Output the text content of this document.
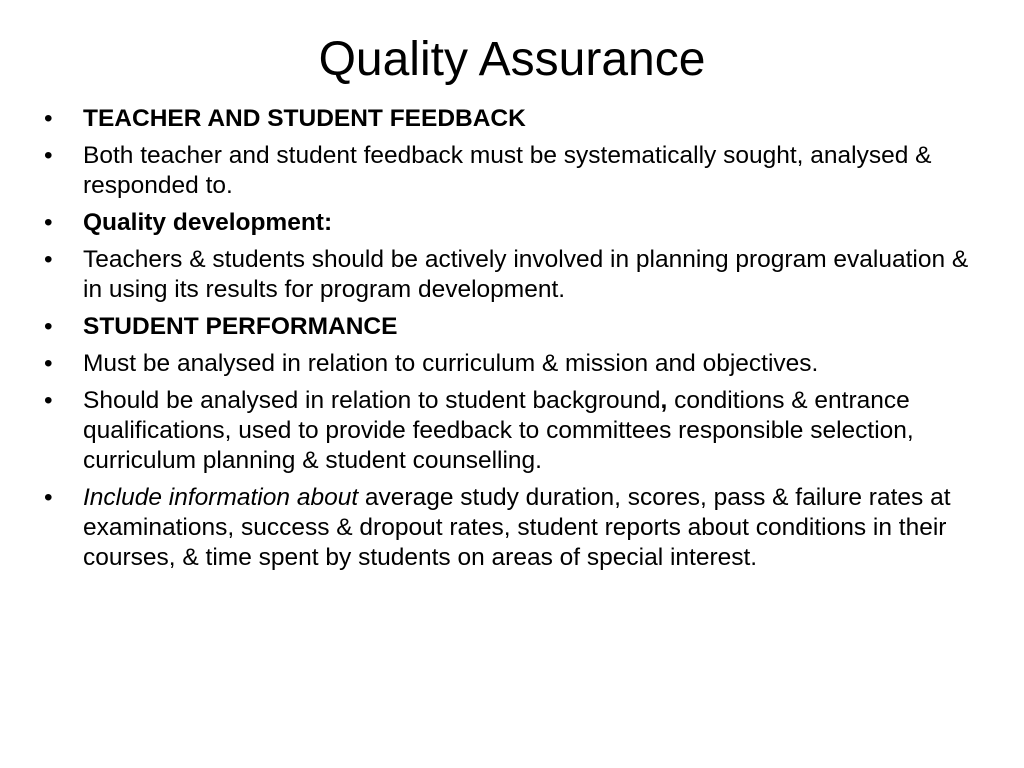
Quality Assurance
•	TEACHER AND STUDENT FEEDBACK
•	Both teacher and student feedback must be systematically sought, analysed & responded to.
•	Quality development:
•	Teachers & students should be actively involved in planning program evaluation & in using its results for program development.
•	STUDENT PERFORMANCE
•	Must be analysed in relation to curriculum & mission and objectives.
•	Should be analysed in relation to student background, conditions & entrance qualifications, used to provide feedback to committees responsible selection, curriculum planning & student counselling.
•	Include information about average study duration, scores, pass & failure rates at examinations, success & dropout rates, student reports about conditions in their courses, & time spent by students on areas of special interest.
